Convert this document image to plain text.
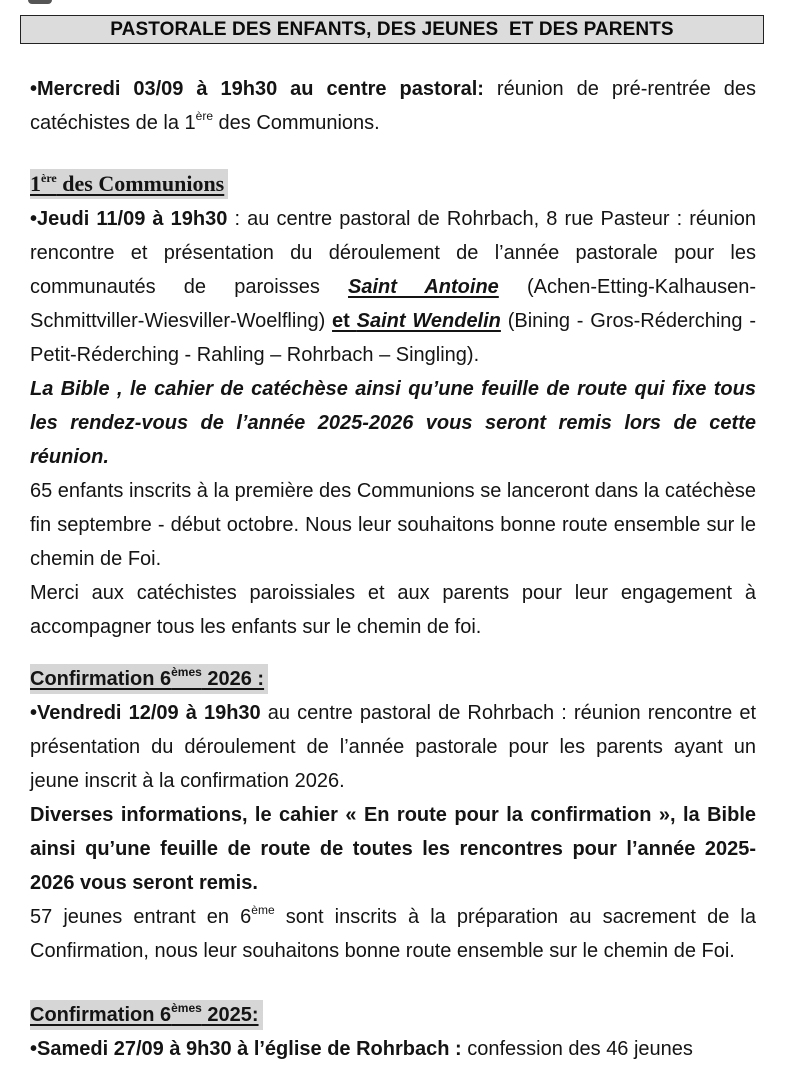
PASTORALE DES ENFANTS, DES JEUNES  ET DES PARENTS

•Mercredi 03/09 à 19h30 au centre pastoral: réunion de pré-rentrée des catéchistes de la 1ère des Communions.

1ère des Communions

•Jeudi 11/09 à 19h30 : au centre pastoral de Rohrbach, 8 rue Pasteur : réunion rencontre et présentation du déroulement de l’année pastorale pour les communautés de paroisses Saint Antoine (Achen-Etting-Kalhausen-Schmittviller-Wiesviller-Woelfling) et Saint Wendelin (Bining - Gros-Réderching - Petit-Réderching - Rahling – Rohrbach – Singling).

La Bible , le cahier de catéchèse ainsi qu’une feuille de route qui fixe tous les rendez-vous de l’année 2025-2026 vous seront remis lors de cette réunion.

65 enfants inscrits à la première des Communions se lanceront dans la catéchèse fin septembre - début octobre. Nous leur souhaitons bonne route ensemble sur le chemin de Foi.

Merci aux catéchistes paroissiales et aux parents pour leur engagement à accompagner tous les enfants sur le chemin de foi.

Confirmation 6èmes 2026 :

•Vendredi 12/09 à 19h30 au centre pastoral de Rohrbach : réunion rencontre et présentation du déroulement de l’année pastorale pour les parents ayant un jeune inscrit à la confirmation 2026.

Diverses informations, le cahier « En route pour la confirmation », la Bible ainsi qu’une feuille de route de toutes les rencontres pour l’année 2025-2026 vous seront remis.

57 jeunes entrant en 6ème sont inscrits à la préparation au sacrement de la Confirmation, nous leur souhaitons bonne route ensemble sur le chemin de Foi.

Confirmation 6èmes 2025:

•Samedi 27/09 à 9h30 à l’église de Rohrbach : confession des 46 jeunes
